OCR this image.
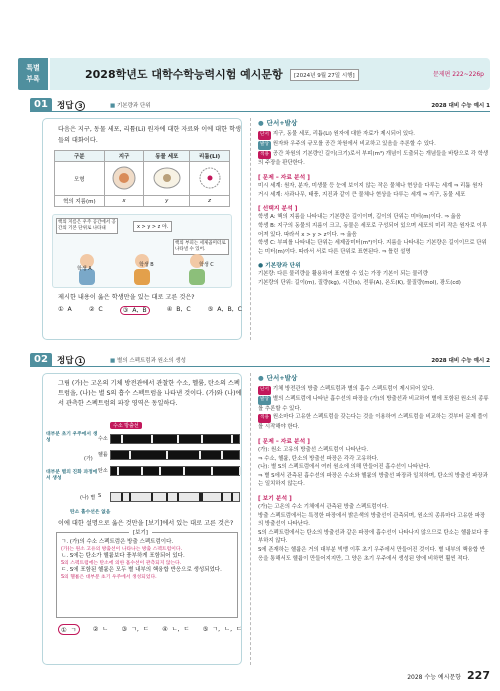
특별
부록	2028학년도 대학수학능력시험 예시문항	[2024년 9월 27일 시행]	문제편 222~226p
01	정답 3	■ 기본량과 단위	2028 대비 수능 예시 1
다음은 지구, 동물 세포, 리튬(Li) 원자에 대한 자료와 이에 대한 학생들의 대화이다.
구분	지구	동물 세포	리튬(Li)
모형			
혁의 지름(m)	x	y	z
핵의 지름은 우주 공간에서 공간의 기본 단위로 나타내	x > y > z 야.
핵의 부피는 세제곱미터로 나타낼 수 있어.
학생 A
학생 B	학생 C
제시한 내용이 옳은 학생만을 있는 대로 고른 것은?
① A	② C	③ A, B	④ B, C	⑤ A, B, C
● 단서+발상
단서 지구, 동물 세포, 리튬(Li) 원자에 대한 자료가 제시되어 있다.
발상 원자와 우주의 규모를 공간 차원에서 비교하고 있음을 추론할 수 있다.
적용 공간 차원의 기본량인 길이(크기)로서 부피(m³) 개념이 도출되는 개념들을 바탕으로 각 학생의 주장을 판단한다.
[ 문제 – 자료 분석 ]
미시 세계: 원자, 분자, 미생물 등 눈에 보이지 않는 작은 물체나 현상을 다루는 세계 ⇒ 리튬 원자
거시 세계: 사과나무, 태풍, 지진과 같이 큰 물체나 현상을 다루는 세계 ⇒ 지구, 동물 세포
[ 선택지 분석 ]
학생 A: 핵의 지름을 나타내는 기본량은 길이이며, 길이의 단위는 미터(m)이다. ⇒ 옳음
학생 B: 지구의 동물의 지름이 크고, 동물은 세포로 구성되어 있으며 세포의 미리 작은 원자로 이루어져 있다. 따라서 x > y > z이다. ⇒ 옳음
학생 C: 부피를 나타내는 단위는 세제곱미터(m³)이다. 지름을 나타내는 기본량은 길이이므로 단위는 미터(m)이다. 따라서 서로 다른 단위로 표현된다. ⇒ 틀린 설명
● 기본량과 단위
기본량: 다른 물리량을 활용하여 표현할 수 있는 가장 기본이 되는 물리량
기본량의 단위: 길이(m), 질량(kg), 시간(s), 전류(A), 온도(K), 물질량(mol), 광도(cd)
02	정답 1	■ 별의 스펙트럼과 원소의 생성	2028 대비 수능 예시 2
그림 (가)는 고온의 기체 방전관에서 관찰한 수소, 헬륨, 탄소의 스펙트럼을, (나)는 별 S의 흡수 스펙트럼을 나타낸 것이다. (가)와 (나)에서 관측한 스펙트럼의 파장 영역은 동일하다.
수소 방출선
대부분 초기 우주에서 생성
대부분 별의 진화 과정에서 생성
(가)
(나) 별
수소
헬륨
탄소
S
탄소 흡수선은 없음
이에 대한 설명으로 옳은 것만을 [보기]에서 있는 대로 고른 것은?
[보기]
ㄱ. (가)의 수소 스펙트럼은 방출 스펙트럼이다.
(가)는 원소 고유의 방출선이 나타나는 방출 스펙트럼이다.
ㄴ. S에는 탄소가 헬륨보다 풍부하게 포함되어 있다.
S의 스펙트럼에는 탄소에 의한 흡수선이 관측되지 않는다.
ㄷ. S에 포함된 헬륨은 모두 별 내부의 핵융합 반응으로 생성되었다.
S의 헬륨은 대부분 초기 우주에서 생성되었다.
① ㄱ	② ㄴ ③ ㄱ, ㄷ ④ ㄴ, ㄷ ⑤ ㄱ, ㄴ, ㄷ
● 단서+발상
단서 기체 방전관의 방출 스펙트럼과 별의 흡수 스펙트럼이 제시되어 있다.
발상 별의 스펙트럼에 나타난 흡수선의 파장을 (가)의 방출선과 비교하여 별에 포함된 원소의 종류를 추론할 수 있다.
적용 원소마다 고유한 스펙트럼을 갖는다는 것을 이용하여 스펙트럼을 비교하는 것부터 문제 풀이를 시작해야 한다.
[ 문제 – 자료 분석 ]
(가): 원소 고유의 방출선 스펙트럼이 나타난다.
⇒ 수소, 헬륨, 탄소의 방출선 파장은 각각 고유하다.
(나): 별 S의 스펙트럼에서 여러 원소에 의해 만들어진 흡수선이 나타난다.
⇒ 별 S에서 관측된 흡수선의 파장은 수소와 헬륨의 방출선 파장과 일치하며, 탄소의 방출선 파장과는 일치하지 않는다.
[ 보기 분석 ]
(가)는 고온의 수소 기체에서 관측된 방출 스펙트럼이다.
방출 스펙트럼에서는 특정한 파장에서 밝은색의 방출선이 관측되며, 원소의 종류마다 고유한 파장의 방출선이 나타난다.
S의 스펙트럼에서는 탄소의 방출선과 같은 파장에 흡수선이 나타나지 않으므로 탄소는 헬륨보다 풍부하지 않다.
S에 존재하는 헬륨은 거의 대부분 빅뱅 이후 초기 우주에서 만들어진 것이다. 별 내부의 핵융합 반응을 통해서도 헬륨이 만들어지지만, 그 양은 초기 우주에서 생성된 양에 비하면 훨씬 적다.
2028 수능 예시문항 227
